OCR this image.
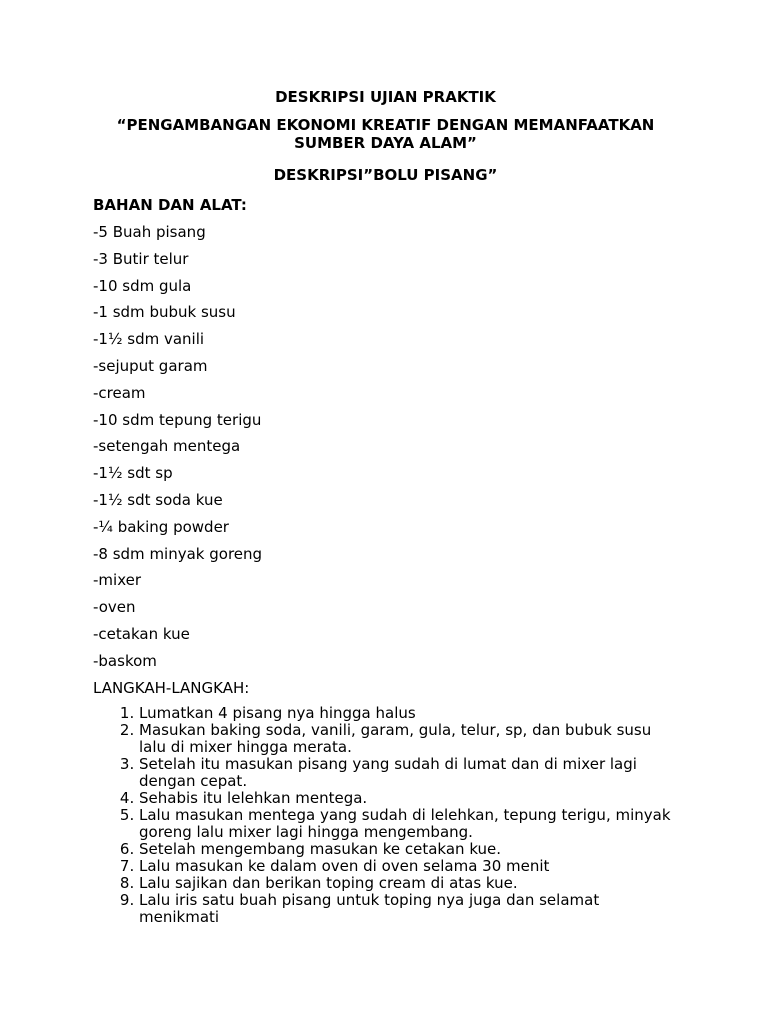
DESKRIPSI UJIAN PRAKTIK

“PENGAMBANGAN EKONOMI KREATIF DENGAN MEMANFAATKAN SUMBER DAYA ALAM”

DESKRIPSI”BOLU PISANG”

BAHAN DAN ALAT:

-5 Buah pisang
-3 Butir telur
-10 sdm gula
-1 sdm bubuk susu
-1½ sdm vanili
-sejuput garam
-cream
-10 sdm tepung terigu
-setengah mentega
-1½ sdt sp
-1½ sdt soda kue
-¼ baking powder
-8 sdm minyak goreng
-mixer
-oven
-cetakan kue
-baskom

LANGKAH-LANGKAH:

1. Lumatkan 4 pisang nya hingga halus
2. Masukan baking soda, vanili, garam, gula, telur, sp, dan bubuk susu lalu di mixer hingga merata.
3. Setelah itu masukan pisang yang sudah di lumat dan di mixer lagi dengan cepat.
4. Sehabis itu lelehkan mentega.
5. Lalu masukan mentega yang sudah di lelehkan, tepung terigu, minyak goreng lalu mixer lagi hingga mengembang.
6. Setelah mengembang masukan ke cetakan kue.
7. Lalu masukan ke dalam oven di oven selama 30 menit
8. Lalu sajikan dan berikan toping cream di atas kue.
9. Lalu iris satu buah pisang untuk toping nya juga dan selamat menikmati
